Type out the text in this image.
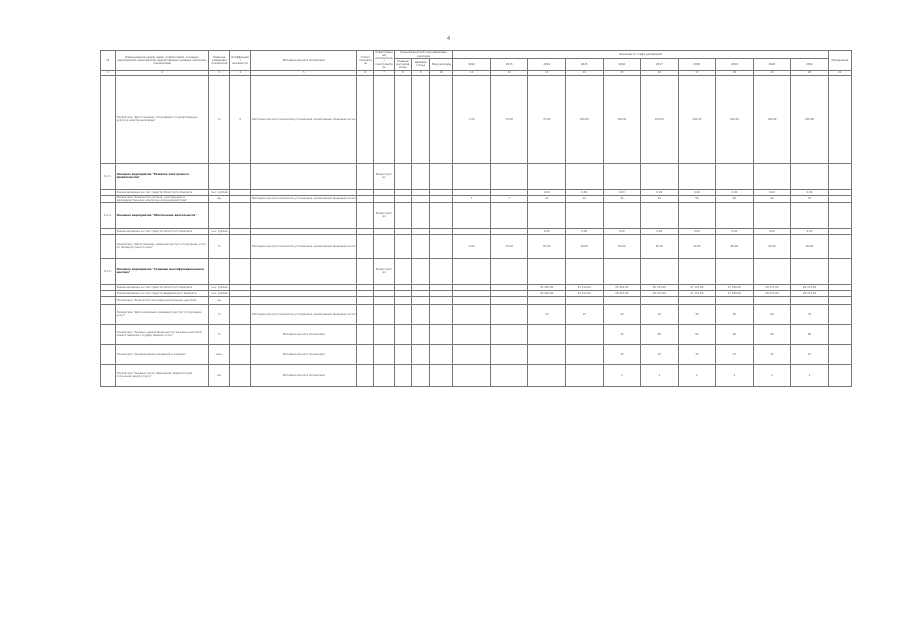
4
№	Наименование целей, задач, подпрограмм, основных мероприятий, мероприятий, ведомственных целевых программ, показателей	Единица измерения показателя	Коэффициент значимости	Методика расчета показателя	Статус показателя	Ответственный исполнитель/соисполнитель	Коды бюджетной классификации расходов			Значения по годам реализации										Примечание
							Главный распорядитель	Целевая статья	Вид расходов	2012	2013	2014	2015	2016	2017	2018	2019	2020	2021	
1	2	3	4	5	6	7	8	9	10	11	12	13	14	15	16	17	18	19	20	21
	Показатель "Доля граждан, получивших государственные услуги в электронном виде"	%	0	Методика расчета показателя установлена нормативным правовым актом						1,00	15,00	70,00	100,00	100,00	100,00	100,00	100,00	100,00	100,00	
6.1.3.	Основное мероприятие "Развитие электронного правительства"					Министерство														
	Финансирование за счет средств областного бюджета	тыс. рублей										0,00	0,00	0,00	0,00	0,00	0,00	0,00	0,00	
	Показатель "Количество органов, участвующих в межведомственном электронном взаимодействии"	ед.		Методика расчета показателя установлена нормативным правовым актом						1	1	22	40	45	52	56	60	64	70	
6.1.4.	Основное мероприятие "Обеспечение деятельности"					Министерство														
	Финансирование за счет средств областного бюджета	тыс. рублей										0,00	0,00	0,00	0,00	0,00	0,00	0,00	0,00	
	Показатель "Доля граждан, имеющих доступ к получению услуг по принципу одного окна"	%		Методика расчета показателя установлена нормативным правовым актом						2,00	15,00	25,00	40,00	50,00	60,00	70,00	80,00	90,00	90,00	
6.1.5.	Основное мероприятие "Создание многофункциональных центров"					Министерство														
	Финансирование за счет средств областного бюджета	тыс. рублей										25 355,00	25 412,00	25 412,00	26 513,00	27 113,00	27 556,00	28 473,00	28 473,00	
	Финансирование за счет средств федерального бюджета	тыс. рублей										24 961,00	25 412,00	25 412,00	25 513,00	27 113,00	27 556,00	28 473,00	28 473,00	
	Показатель "Количество многофункциональных центров"	ед.																		
	Показатель "Доля населения, имеющего доступ к получению услуг"	%		Методика расчета показателя установлена нормативным правовым актом								10	15	20	30	40	50	60	70	
	Показатель "Уровень удовлетворенности граждан качеством предоставления государственных услуг"	%		Методика расчета показателя										75	80	85	90	90	90	
	Показатель "Среднее время ожидания в очереди"	мин.		Методика расчета показателя										15	15	15	15	15	15	
	Показатель "Среднее число обращений заявителя для получения одной услуги"	ед.		Методика расчета показателя										2	2	2	2	2	2	
